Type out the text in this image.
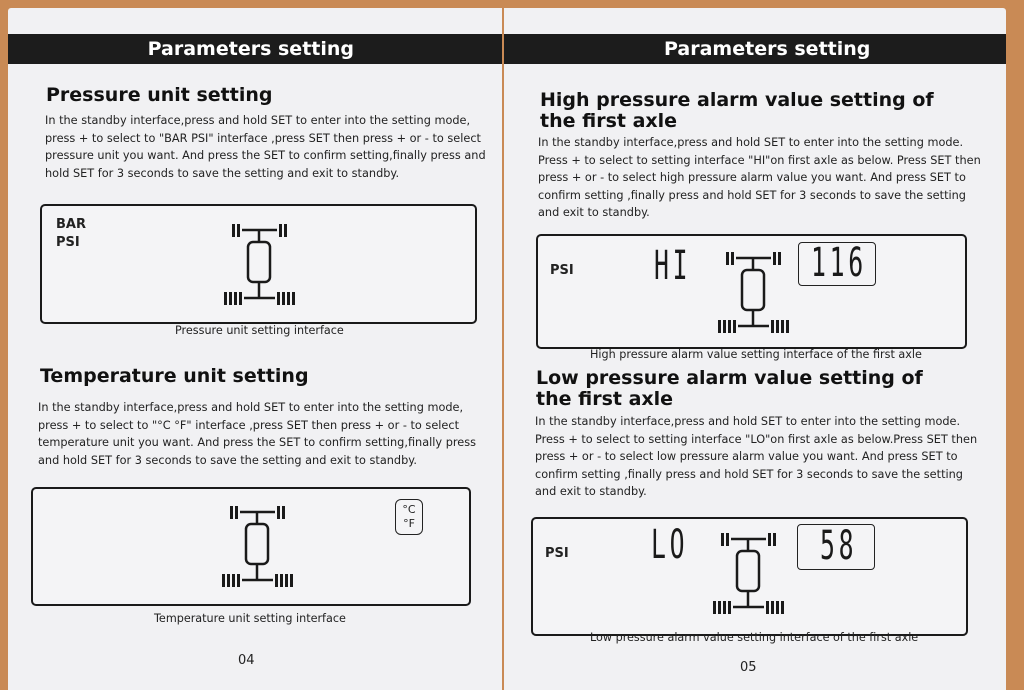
Parameters setting
Pressure unit setting

In the standby interface,press and hold SET to enter into the setting mode,
press + to select to "BAR PSI" interface ,press SET then press + or - to select
pressure unit you want. And press the SET to confirm setting,finally press and
hold SET for 3 seconds to save the setting and exit to standby.

BAR
PSI
Pressure unit setting interface
Temperature unit setting

In the standby interface,press and hold SET to enter into the setting mode,
press + to select to "°C °F" interface ,press SET then press + or - to select
temperature unit you want. And press the SET to confirm setting,finally press
and hold SET for 3 seconds to save the setting and exit to standby.

°C
°F
Temperature unit setting interface
04
Parameters setting
High pressure alarm value setting of
the first axle

In the standby interface,press and hold SET to enter into the setting mode.
Press + to select to setting interface "HI"on first axle as below. Press SET then
press + or - to select high pressure alarm value you want. And press SET to
confirm setting ,finally press and hold SET for 3 seconds to save the setting
and exit to standby.

PSI HI	116
High pressure alarm value setting interface of the first axle
Low pressure alarm value setting of
the first axle

In the standby interface,press and hold SET to enter into the setting mode.
Press + to select to setting interface "LO"on first axle as below.Press SET then
press + or - to select low pressure alarm value you want. And press SET to
confirm setting ,finally press and hold SET for 3 seconds to save the setting
and exit to standby.

PSI LO	58
Low pressure alarm value setting interface of the first axle
05
